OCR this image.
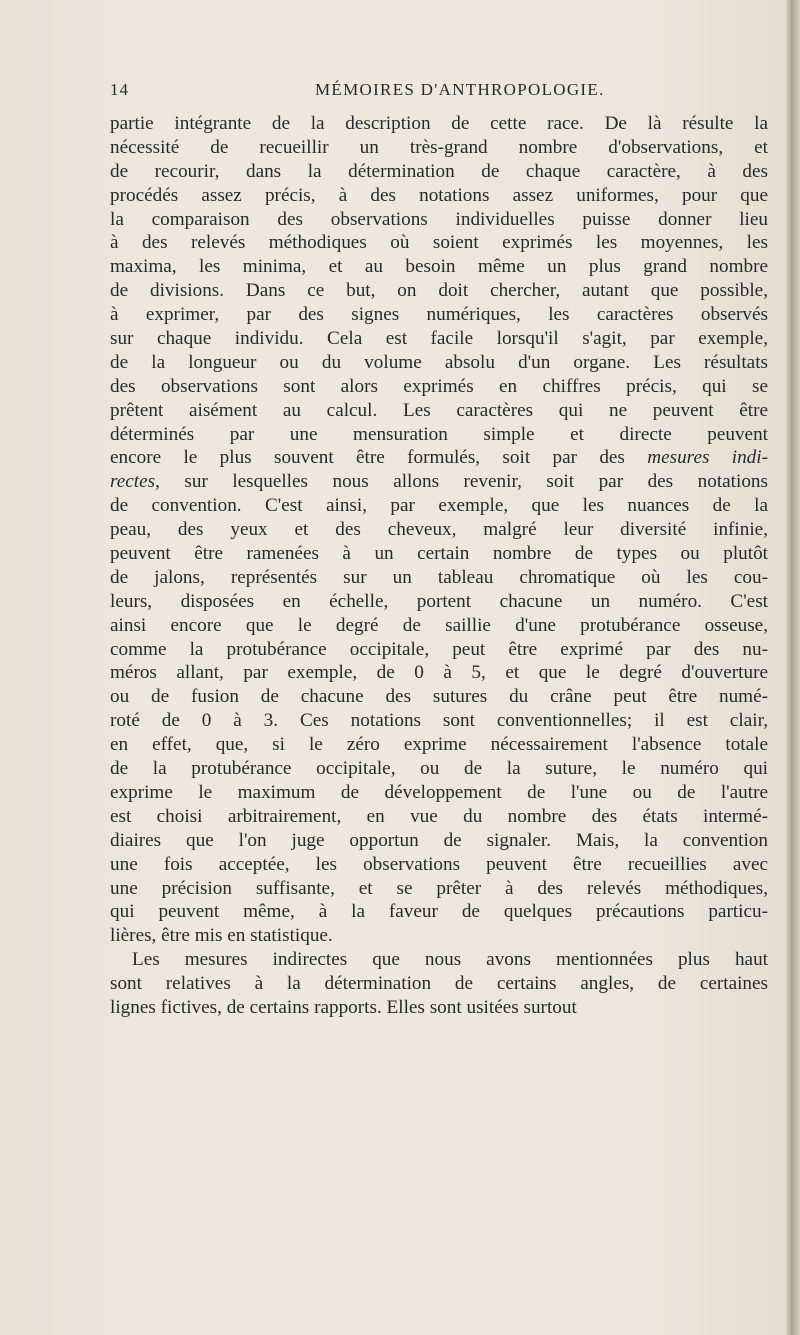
14	MÉMOIRES D'ANTHROPOLOGIE.
partie intégrante de la description de cette race. De là résulte la
nécessité de recueillir un très-grand nombre d'observations, et
de recourir, dans la détermination de chaque caractère, à des
procédés assez précis, à des notations assez uniformes, pour que
la comparaison des observations individuelles puisse donner lieu
à des relevés méthodiques où soient exprimés les moyennes, les
maxima, les minima, et au besoin même un plus grand nombre
de divisions. Dans ce but, on doit chercher, autant que possible,
à exprimer, par des signes numériques, les caractères observés
sur chaque individu. Cela est facile lorsqu'il s'agit, par exemple,
de la longueur ou du volume absolu d'un organe. Les résultats
des observations sont alors exprimés en chiffres précis, qui se
prêtent aisément au calcul. Les caractères qui ne peuvent être
déterminés par une mensuration simple et directe peuvent
encore le plus souvent être formulés, soit par des mesures indi-
rectes, sur lesquelles nous allons revenir, soit par des notations
de convention. C'est ainsi, par exemple, que les nuances de la
peau, des yeux et des cheveux, malgré leur diversité infinie,
peuvent être ramenées à un certain nombre de types ou plutôt
de jalons, représentés sur un tableau chromatique où les cou-
leurs, disposées en échelle, portent chacune un numéro. C'est
ainsi encore que le degré de saillie d'une protubérance osseuse,
comme la protubérance occipitale, peut être exprimé par des nu-
méros allant, par exemple, de 0 à 5, et que le degré d'ouverture
ou de fusion de chacune des sutures du crâne peut être numé-
roté de 0 à 3. Ces notations sont conventionnelles; il est clair,
en effet, que, si le zéro exprime nécessairement l'absence totale
de la protubérance occipitale, ou de la suture, le numéro qui
exprime le maximum de développement de l'une ou de l'autre
est choisi arbitrairement, en vue du nombre des états intermé-
diaires que l'on juge opportun de signaler. Mais, la convention
une fois acceptée, les observations peuvent être recueillies avec
une précision suffisante, et se prêter à des relevés méthodiques,
qui peuvent même, à la faveur de quelques précautions particu-
lières, être mis en statistique.
Les mesures indirectes que nous avons mentionnées plus haut
sont relatives à la détermination de certains angles, de certaines
lignes fictives, de certains rapports. Elles sont usitées surtout
